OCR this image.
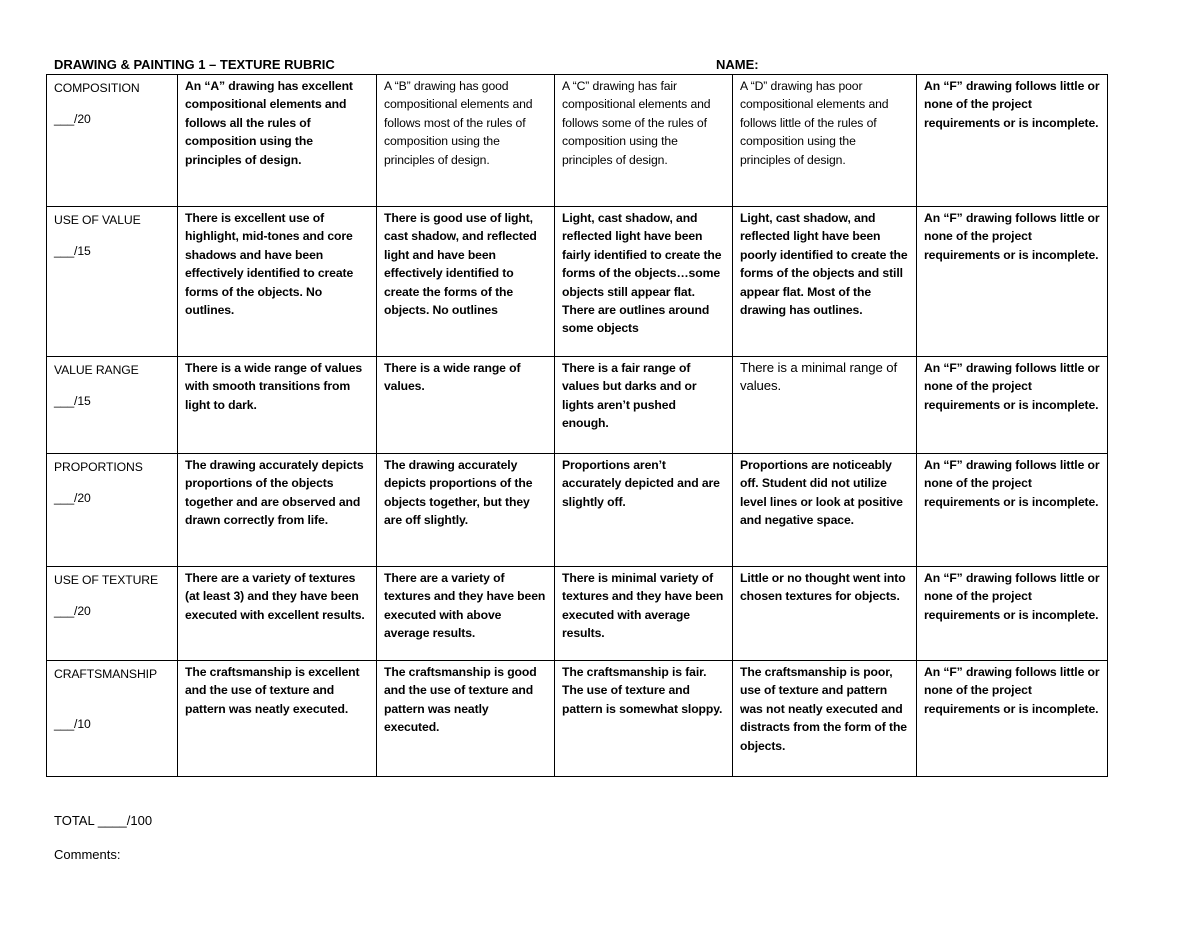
DRAWING & PAINTING 1 – TEXTURE RUBRIC	NAME:
COMPOSITION
___/20	An “A” drawing has excellent compositional elements and follows all the rules of composition using the principles of design.	A “B” drawing has good compositional elements and follows most of the rules of composition using the principles of design.	A “C” drawing has fair compositional elements and follows some of the rules of composition using the principles of design.	A “D” drawing has poor compositional elements and follows little of the rules of composition using the principles of design.	An “F” drawing follows little or none of the project requirements or is incomplete.

USE OF VALUE
___/15	There is excellent use of highlight, mid-tones and core shadows and have been effectively identified to create forms of the objects. No outlines.	There is good use of light, cast shadow, and reflected light and have been effectively identified to create the forms of the objects. No outlines	Light, cast shadow, and reflected light have been fairly identified to create the forms of the objects…some objects still appear flat. There are outlines around some objects	Light, cast shadow, and reflected light have been poorly identified to create the forms of the objects and still appear flat. Most of the drawing has outlines.	An “F” drawing follows little or none of the project requirements or is incomplete.

VALUE RANGE
___/15	There is a wide range of values with smooth transitions from light to dark.	There is a wide range of values.	There is a fair range of values but darks and or lights aren’t pushed enough.	There is a minimal range of values.	An “F” drawing follows little or none of the project requirements or is incomplete.

PROPORTIONS
___/20	The drawing accurately depicts proportions of the objects together and are observed and drawn correctly from life.	The drawing accurately depicts proportions of the objects together, but they are off slightly.	Proportions aren’t accurately depicted and are slightly off.	Proportions are noticeably off. Student did not utilize level lines or look at positive and negative space.	An “F” drawing follows little or none of the project requirements or is incomplete.

USE OF TEXTURE
___/20	There are a variety of textures (at least 3) and they have been executed with excellent results.	There are a variety of textures and they have been executed with above average results.	There is minimal variety of textures and they have been executed with average results.	Little or no thought went into chosen textures for objects.	An “F” drawing follows little or none of the project requirements or is incomplete.

CRAFTSMANSHIP
___/10	The craftsmanship is excellent and the use of texture and pattern was neatly executed.	The craftsmanship is good and the use of texture and pattern was neatly executed.	The craftsmanship is fair. The use of texture and pattern is somewhat sloppy.	The craftsmanship is poor, use of texture and pattern was not neatly executed and distracts from the form of the objects.	An “F” drawing follows little or none of the project requirements or is incomplete.
TOTAL ____/100
Comments:
